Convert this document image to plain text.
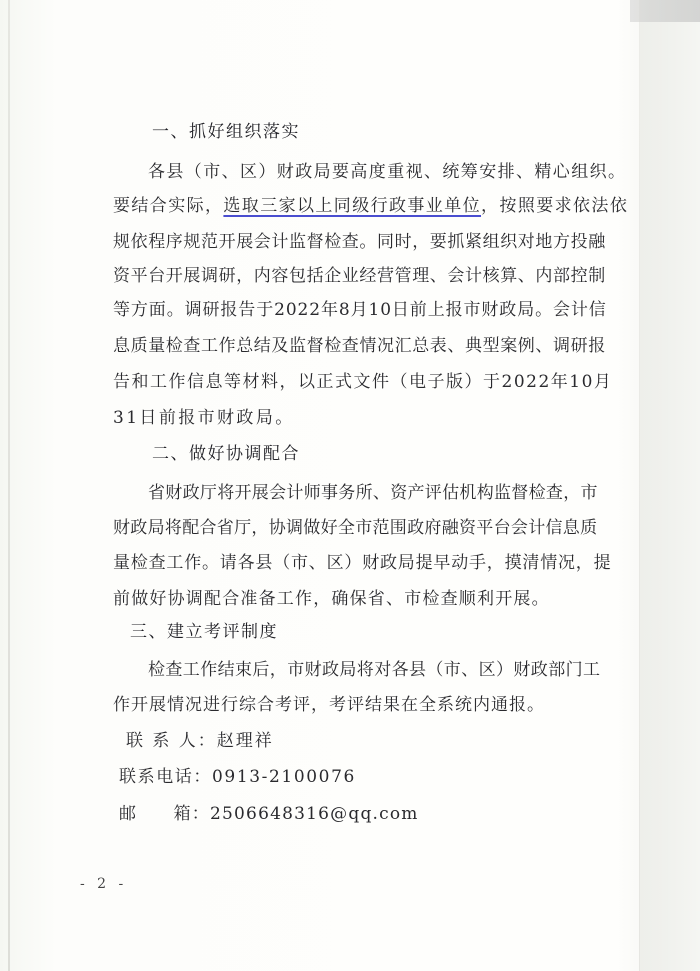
一、抓好组织落实
各县（市、区）财政局要高度重视、统筹安排、精心组织。
要结合实际，选取三家以上同级行政事业单位，按照要求依法依
规依程序规范开展会计监督检查。同时，要抓紧组织对地方投融
资平台开展调研，内容包括企业经营管理、会计核算、内部控制
等方面。调研报告于2022年8月10日前上报市财政局。会计信
息质量检查工作总结及监督检查情况汇总表、典型案例、调研报
告和工作信息等材料，以正式文件（电子版）于2022年10月
31日前报市财政局。
二、做好协调配合
省财政厅将开展会计师事务所、资产评估机构监督检查，市
财政局将配合省厅，协调做好全市范围政府融资平台会计信息质
量检查工作。请各县（市、区）财政局提早动手，摸清情况，提
前做好协调配合准备工作，确保省、市检查顺利开展。
三、建立考评制度
检查工作结束后，市财政局将对各县（市、区）财政部门工
作开展情况进行综合考评，考评结果在全系统内通报。
联 系 人：赵理祥
联系电话：0913-2100076
邮　　箱：2506648316@qq.com
- 2 -
